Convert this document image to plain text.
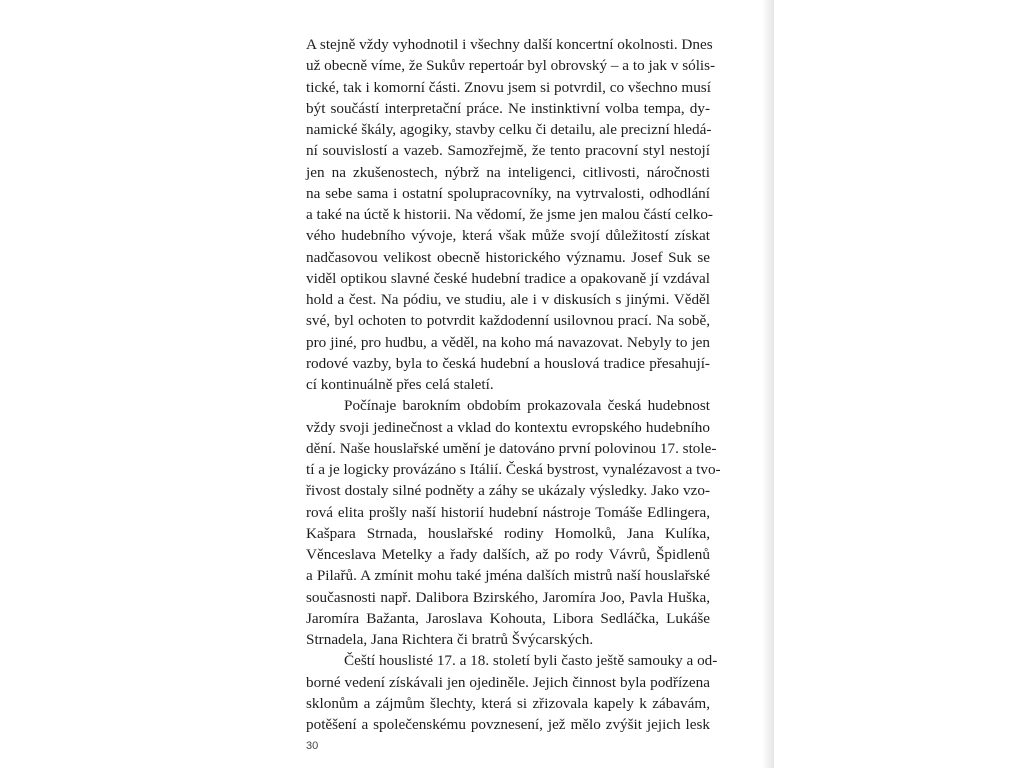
A stejně vždy vyhodnotil i všechny další koncertní okolnosti. Dnes
už obecně víme, že Sukův repertoár byl obrovský – a to jak v sólis-
tické, tak i komorní části. Znovu jsem si potvrdil, co všechno musí
být součástí interpretační práce. Ne instinktivní volba tempa, dy-
namické škály, agogiky, stavby celku či detailu, ale precizní hledá-
ní souvislostí a vazeb. Samozřejmě, že tento pracovní styl nestojí
jen na zkušenostech, nýbrž na inteligenci, citlivosti, náročnosti
na sebe sama i ostatní spolupracovníky, na vytrvalosti, odhodlání
a také na úctě k historii. Na vědomí, že jsme jen malou částí celko-
vého hudebního vývoje, která však může svojí důležitostí získat
nadčasovou velikost obecně historického významu. Josef Suk se
viděl optikou slavné české hudební tradice a opakovaně jí vzdával
hold a čest. Na pódiu, ve studiu, ale i v diskusích s jinými. Věděl
své, byl ochoten to potvrdit každodenní usilovnou prací. Na sobě,
pro jiné, pro hudbu, a věděl, na koho má navazovat. Nebyly to jen
rodové vazby, byla to česká hudební a houslová tradice přesahují-
cí kontinuálně přes celá staletí.
Počínaje barokním obdobím prokazovala česká hudebnost
vždy svoji jedinečnost a vklad do kontextu evropského hudebního
dění. Naše houslařské umění je datováno první polovinou 17. stole-
tí a je logicky provázáno s Itálií. Česká bystrost, vynalézavost a tvo-
řivost dostaly silné podněty a záhy se ukázaly výsledky. Jako vzo-
rová elita prošly naší historií hudební nástroje Tomáše Edlingera,
Kašpara Strnada, houslařské rodiny Homolků, Jana Kulíka,
Věnceslava Metelky a řady dalších, až po rody Vávrů, Špidlenů
a Pilařů. A zmínit mohu také jména dalších mistrů naší houslařské
současnosti např. Dalibora Bzirského, Jaromíra Joo, Pavla Huška,
Jaromíra Bažanta, Jaroslava Kohouta, Libora Sedláčka, Lukáše
Strnadela, Jana Richtera či bratrů Švýcarských.
Čeští houslisté 17. a 18. století byli často ještě samouky a od-
borné vedení získávali jen ojediněle. Jejich činnost byla podřízena
sklonům a zájmům šlechty, která si zřizovala kapely k zábavám,
potěšení a společenskému povznesení, jež mělo zvýšit jejich lesk
30
